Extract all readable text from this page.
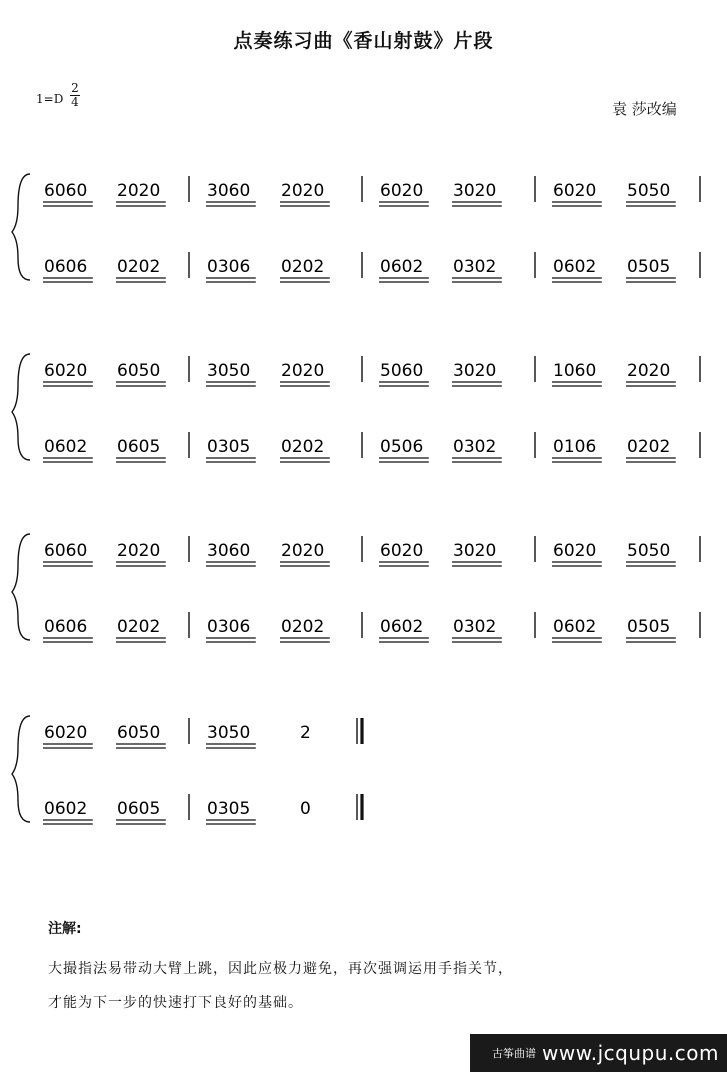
点奏练习曲《香山射鼓》片段
1=D
2
4	袁 莎改编
6060 2020
0606 0202
3060 2020
0306 0202
6020 3020
0602 0302
6020 5050
0602 0505
6020 6050
0602 0605
3050 2020
0305 0202
5060 3020
0506 0302
1060 2020
0106 0202
6060 2020
0606 0202
3060 2020
0306 0202
6020 3020
0602 0302
6020 5050
0602 0505
6020 6050
0602 0605
3050	2
0305	0
注解:
大撮指法易带动大臂上跳，因此应极力避免，再次强调运用手指关节，
才能为下一步的快速打下良好的基础。
古筝曲谱 www.jcqupu.com
